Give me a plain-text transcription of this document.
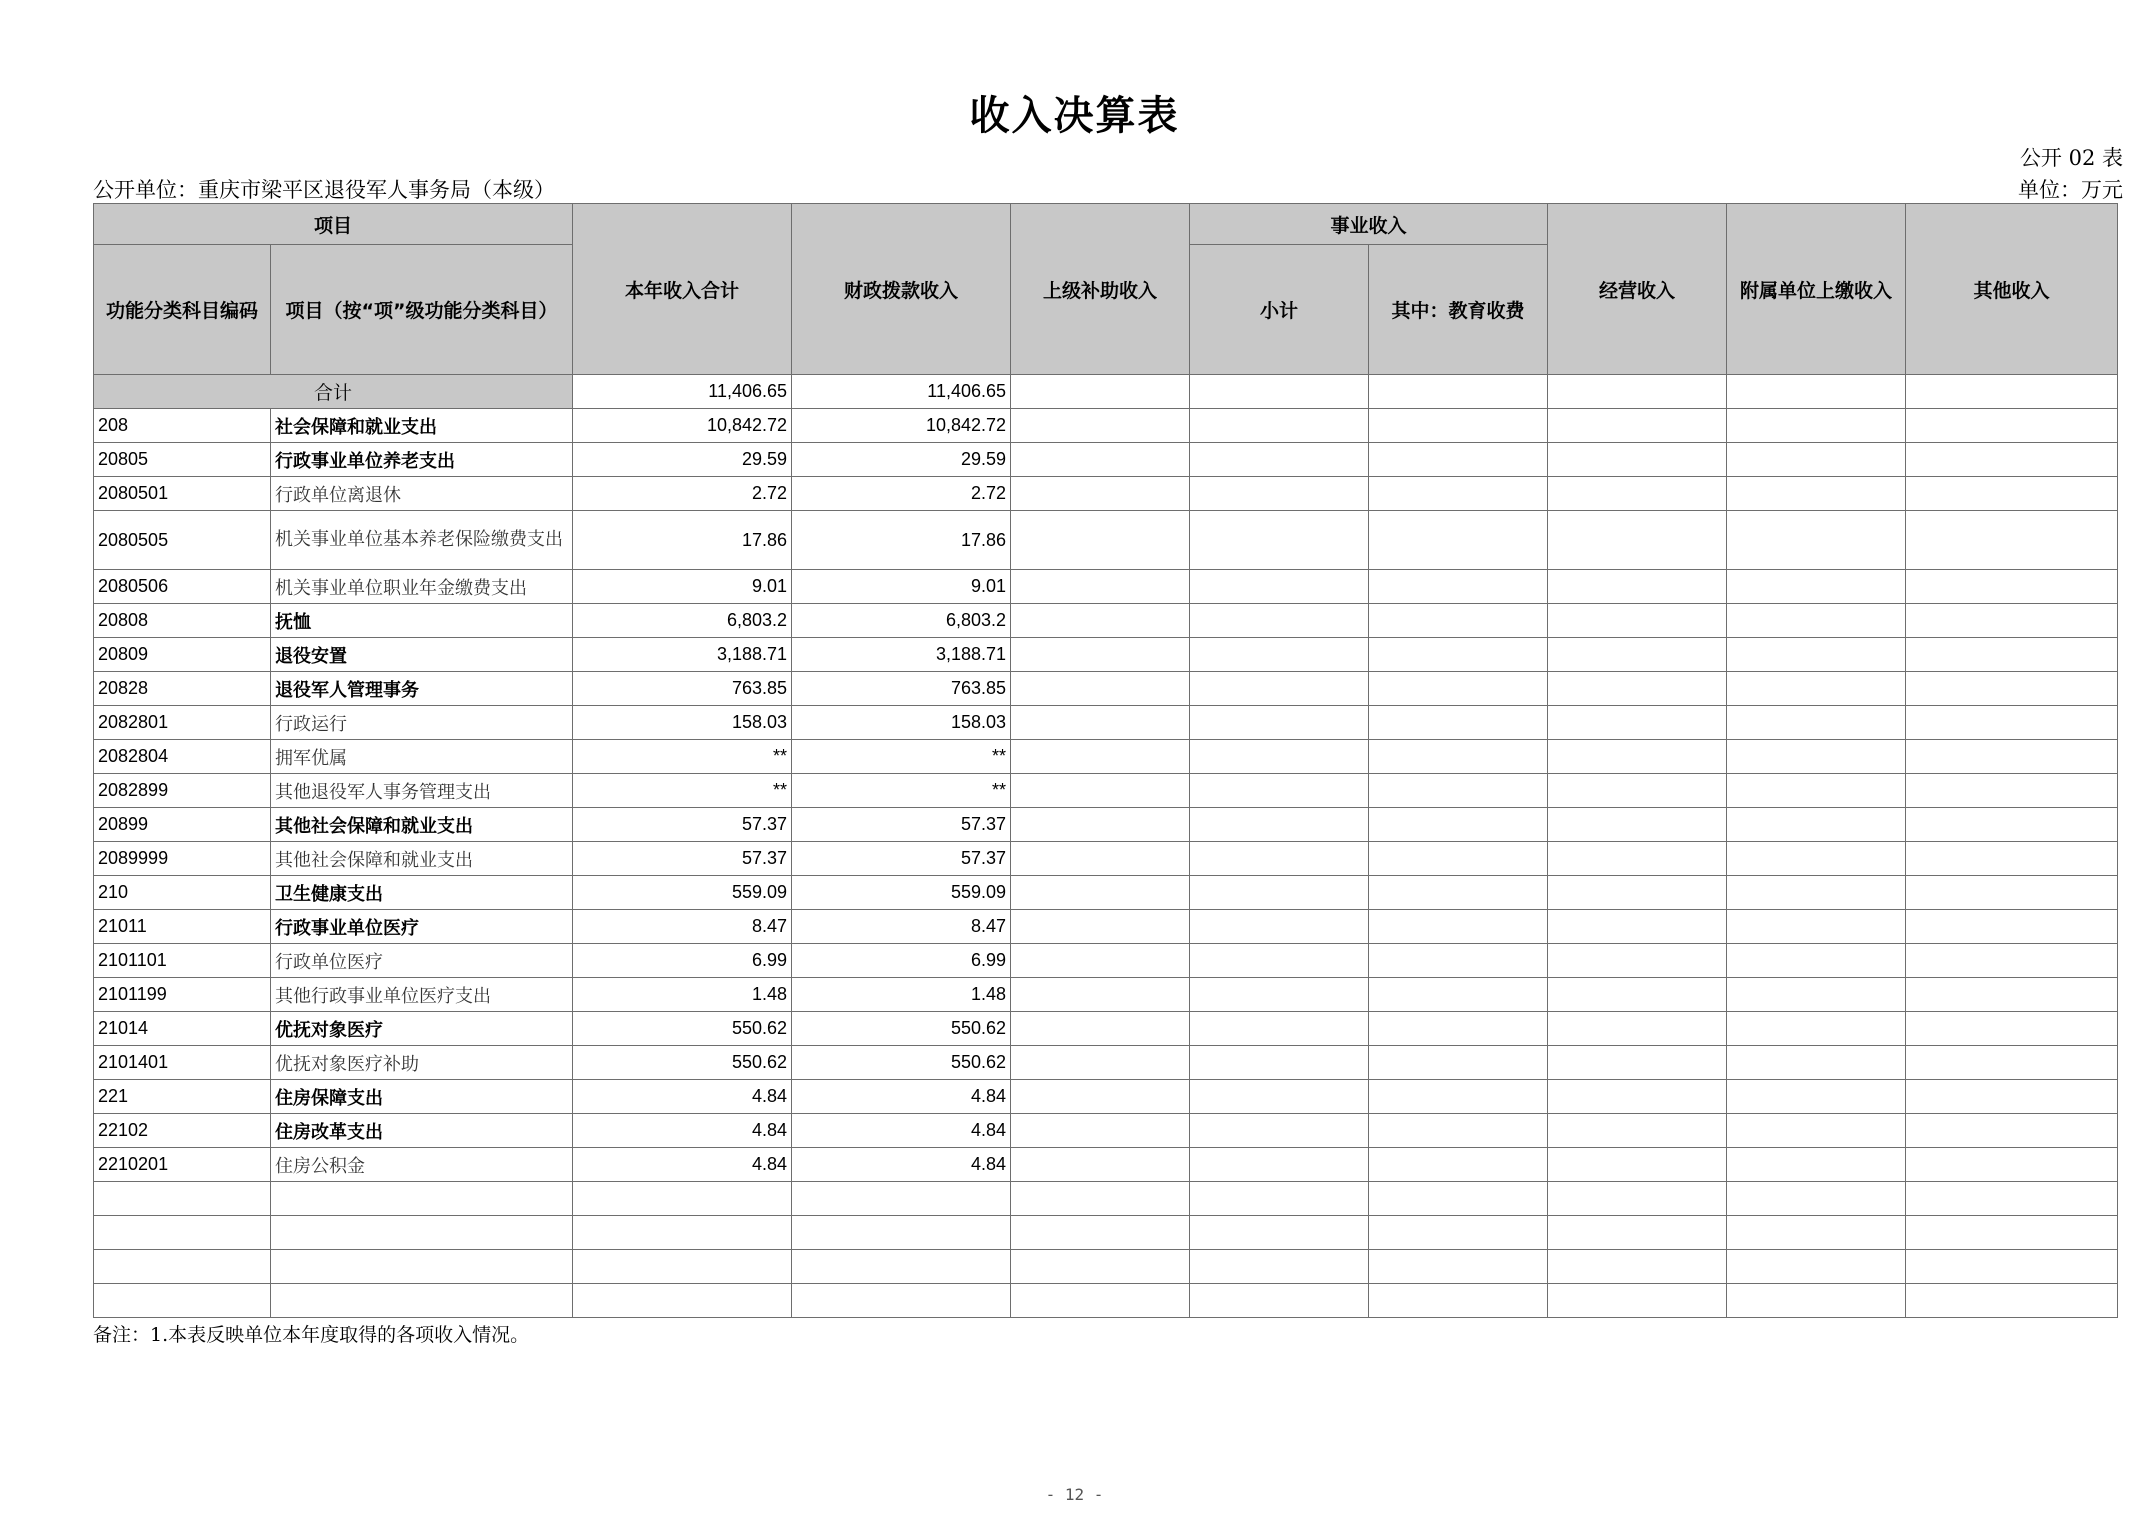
收入决算表
公开 02 表
公开单位：重庆市梁平区退役军人事务局（本级）	单位：万元
项目		本年收入合计	财政拨款收入	上级补助收入	事业收入		经营收入	附属单位上缴收入	其他收入
功能分类科目编码	项目（按“项”级功能分类科目）				小计	其中：教育收费			
合计		11,406.65	11,406.65						
208	社会保障和就业支出	10,842.72	10,842.72						
20805	行政事业单位养老支出	29.59	29.59						
2080501	行政单位离退休	2.72	2.72						
2080505	机关事业单位基本养老保险缴费支出	17.86	17.86						
2080506	机关事业单位职业年金缴费支出	9.01	9.01						
20808	抚恤	6,803.2	6,803.2						
20809	退役安置	3,188.71	3,188.71						
20828	退役军人管理事务	763.85	763.85						
2082801	行政运行	158.03	158.03						
2082804	拥军优属	**	**						
2082899	其他退役军人事务管理支出	**	**						
20899	其他社会保障和就业支出	57.37	57.37						
2089999	其他社会保障和就业支出	57.37	57.37						
210	卫生健康支出	559.09	559.09						
21011	行政事业单位医疗	8.47	8.47						
2101101	行政单位医疗	6.99	6.99						
2101199	其他行政事业单位医疗支出	1.48	1.48						
21014	优抚对象医疗	550.62	550.62						
2101401	优抚对象医疗补助	550.62	550.62						
221	住房保障支出	4.84	4.84						
22102	住房改革支出	4.84	4.84						
2210201	住房公积金	4.84	4.84						

备注：1.本表反映单位本年度取得的各项收入情况。
- 12 -
